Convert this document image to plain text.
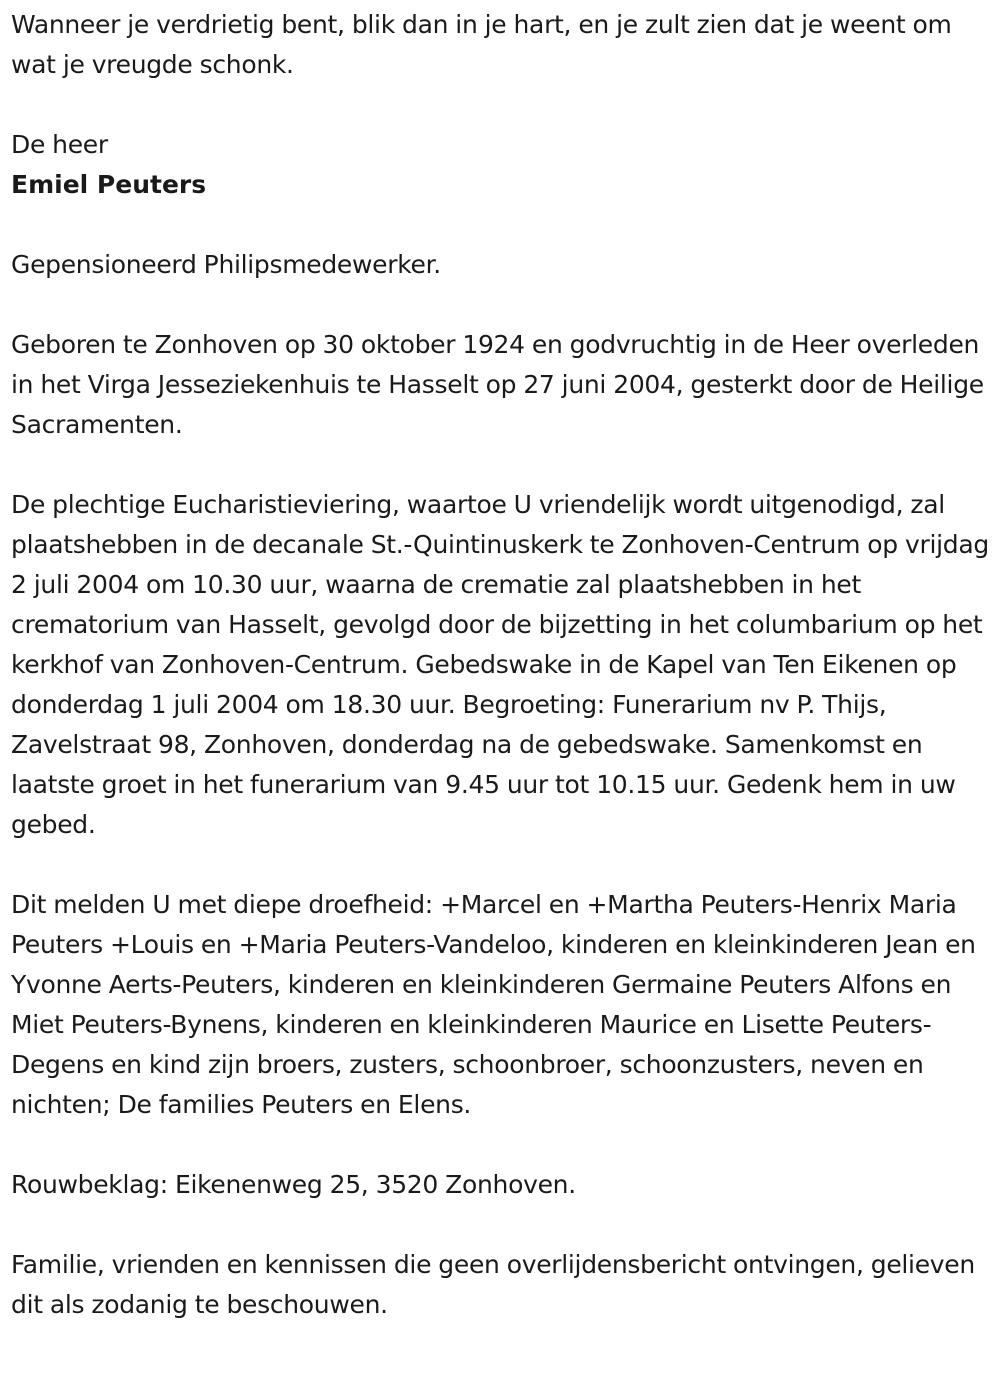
Wanneer je verdrietig bent, blik dan in je hart, en je zult zien dat je weent om wat je vreugde schonk.

De heer

Emiel Peuters

Gepensioneerd Philipsmedewerker.

Geboren te Zonhoven op 30 oktober 1924 en godvruchtig in de Heer overleden in het Virga Jesseziekenhuis te Hasselt op 27 juni 2004, gesterkt door de Heilige Sacramenten.

De plechtige Eucharistieviering, waartoe U vriendelijk wordt uitgenodigd, zal plaatshebben in de decanale St.-Quintinuskerk te Zonhoven-Centrum op vrijdag 2 juli 2004 om 10.30 uur, waarna de crematie zal plaatshebben in het crematorium van Hasselt, gevolgd door de bijzetting in het columbarium op het kerkhof van Zonhoven-Centrum. Gebedswake in de Kapel van Ten Eikenen op donderdag 1 juli 2004 om 18.30 uur. Begroeting: Funerarium nv P. Thijs, Zavelstraat 98, Zonhoven, donderdag na de gebedswake. Samenkomst en laatste groet in het funerarium van 9.45 uur tot 10.15 uur. Gedenk hem in uw gebed.

Dit melden U met diepe droefheid: +Marcel en +Martha Peuters-Henrix Maria Peuters +Louis en +Maria Peuters-Vandeloo, kinderen en kleinkinderen Jean en Yvonne Aerts-Peuters, kinderen en kleinkinderen Germaine Peuters Alfons en Miet Peuters-Bynens, kinderen en kleinkinderen Maurice en Lisette Peuters-Degens en kind zijn broers, zusters, schoonbroer, schoonzusters, neven en nichten; De families Peuters en Elens.

Rouwbeklag: Eikenenweg 25, 3520 Zonhoven.

Familie, vrienden en kennissen die geen overlijdensbericht ontvingen, gelieven dit als zodanig te beschouwen.
